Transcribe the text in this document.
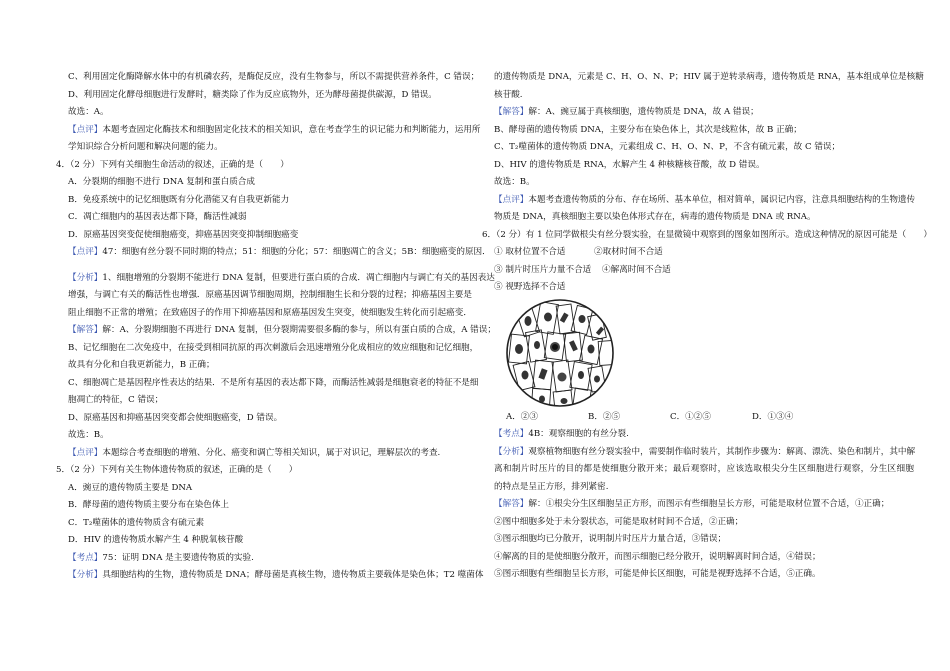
C、利用固定化酶降解水体中的有机磷农药，是酶促反应，没有生物参与，所以不需提供营养条件，C 错误；
D、利用固定化酵母细胞进行发酵时，糖类除了作为反应底物外，还为酵母菌提供碳源，D 错误。
故选：A。
【点评】本题考查固定化酶技术和细胞固定化技术的相关知识，意在考查学生的识记能力和判断能力，运用所
学知识综合分析问题和解决问题的能力。
4．（2 分）下列有关细胞生命活动的叙述，正确的是（　　）
A．分裂期的细胞不进行 DNA 复制和蛋白质合成
B．免疫系统中的记忆细胞既有分化潜能又有自我更新能力
C．凋亡细胞内的基因表达都下降，酶活性减弱
D．原癌基因突变促使细胞癌变，抑癌基因突变抑制细胞癌变
【点评】47：细胞有丝分裂不同时期的特点；51：细胞的分化；57：细胞凋亡的含义；5B：细胞癌变的原因．
【分析】1、细胞增殖的分裂期不能进行 DNA 复制，但要进行蛋白质的合成．凋亡细胞内与调亡有关的基因表达
增强，与调亡有关的酶活性也增强．原癌基因调节细胞周期，控制细胞生长和分裂的过程；抑癌基因主要是
阻止细胞不正常的增殖；在致癌因子的作用下抑癌基因和原癌基因发生突变，使细胞发生转化而引起癌变．
【解答】解：A、分裂期细胞不再进行 DNA 复制，但分裂期需要很多酶的参与，所以有蛋白质的合成，A 错误；
B、记忆细胞在二次免疫中，在接受到相同抗原的再次刺激后会迅速增殖分化成相应的效应细胞和记忆细胞，
故具有分化和自我更新能力，B 正确；
C、细胞凋亡是基因程序性表达的结果．不是所有基因的表达都下降，而酶活性减弱是细胞衰老的特征不是细
胞凋亡的特征，C 错误；
D、原癌基因和抑癌基因突变都会使细胞癌变，D 错误。
故选：B。
【点评】本题综合考查细胞的增殖、分化、癌变和调亡等相关知识，属于对识记，理解层次的考查.
5．（2 分）下列有关生物体遗传物质的叙述，正确的是（　　）
A．豌豆的遗传物质主要是 DNA
B．酵母菌的遗传物质主要分布在染色体上
C．T₂噬菌体的遗传物质含有硫元素
D．HIV 的遗传物质水解产生 4 种脱氧核苷酸
【考点】75：证明 DNA 是主要遗传物质的实验.
【分析】具细胞结构的生物，遗传物质是 DNA；酵母菌是真核生物，遗传物质主要载体是染色体；T2 噬菌体
的遗传物质是 DNA，元素是 C、H、O、N、P；HIV 属于逆转录病毒，遗传物质是 RNA，基本组成单位是核糖
核苷酸.
【解答】解：A、豌豆属于真核细胞，遗传物质是 DNA，故 A 错误；
B、酵母菌的遗传物质 DNA，主要分布在染色体上，其次是线粒体，故 B 正确；
C、T₂噬菌体的遗传物质 DNA，元素组成 C、H、O、N、P，不含有硫元素，故 C 错误；
D、HIV 的遗传物质是 RNA，水解产生 4 种核糖核苷酸，故 D 错误。
故选：B。
【点评】本题考查遗传物质的分布、存在场所、基本单位，相对简单，属识记内容，注意具细胞结构的生物遗传
物质是 DNA，真核细胞主要以染色体形式存在，病毒的遗传物质是 DNA 或 RNA。
6．（2 分）有 1 位同学做根尖有丝分裂实验，在显微镜中观察到的图象如图所示。造成这种情况的原因可能是（　　）
① 取材位置不合适	②取材时间不合适
③ 制片时压片力量不合适	④解离时间不合适
⑤ 视野选择不合适
A．②③	B．②⑤	C．①②⑤	D．①③④
【考点】4B：观察细胞的有丝分裂.
【分析】观察植物细胞有丝分裂实验中，需要制作临时装片，其制作步骤为：解离、漂洗、染色和制片，其中解
离和制片时压片的目的都是使细胞分散开来；最后观察时，应该选取根尖分生区细胞进行观察，分生区细胞
的特点是呈正方形，排列紧密.
【解答】解：①根尖分生区细胞呈正方形，而图示有些细胞呈长方形，可能是取材位置不合适，①正确；
②图中细胞多处于未分裂状态，可能是取材时间不合适，②正确；
③图示细胞均已分散开，说明制片时压片力量合适，③错误；
④解离的目的是使细胞分散开，而图示细胞已经分散开，说明解离时间合适，④错误；
⑤图示细胞有些细胞呈长方形，可能是伸长区细胞，可能是视野选择不合适，⑤正确。
